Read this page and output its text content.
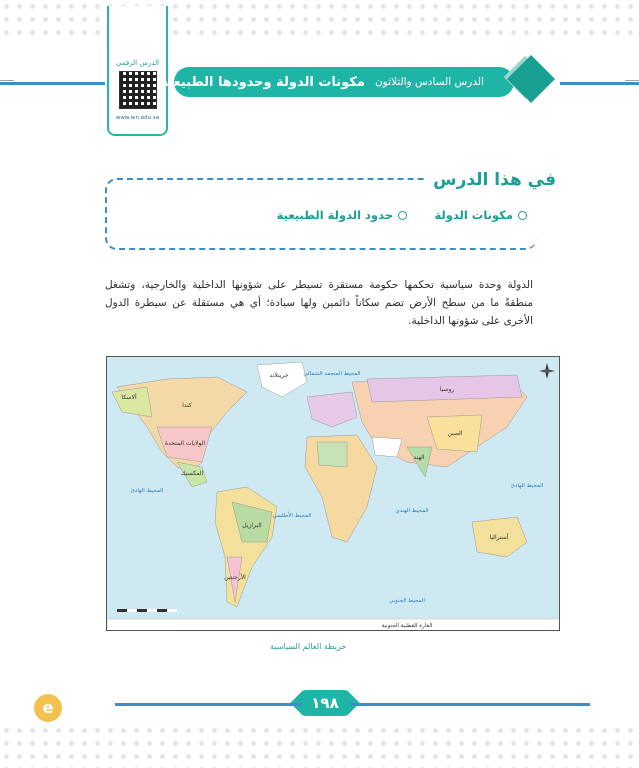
الدرس الرقمي
www.ien.edu.sa
الدرس السادس والثلاثون
مكونات الدولة وحدودها الطبيعية
في هذا الدرس
مكونات الدولة
حدود الدولة الطبيعية
الدولة وحدة سياسية تحكمها حكومة مستقرة تسيطر على شؤونها الداخلية والخارجية، وتشغل منطقةً ما من سطح الأرض تضم سكاناً دائمين ولها سيادة؛ أي هي مستقلة عن سيطرة الدول الأخرى على شؤونها الداخلية.
جرينلاند
ألاسكا
كندا
الولايات المتحدة
المكسيك
البرازيل
الأرجنتين
روسيا
الصين
الهند
أستراليا
المحيط الأطلسي
المحيط الهادئ
المحيط الهادئ
المحيط الهندي
المحيط المتجمد الشمالي
المحيط الجنوبي
القارة القطبية الجنوبية
خريطة العالم السياسية
١٩٨
e
